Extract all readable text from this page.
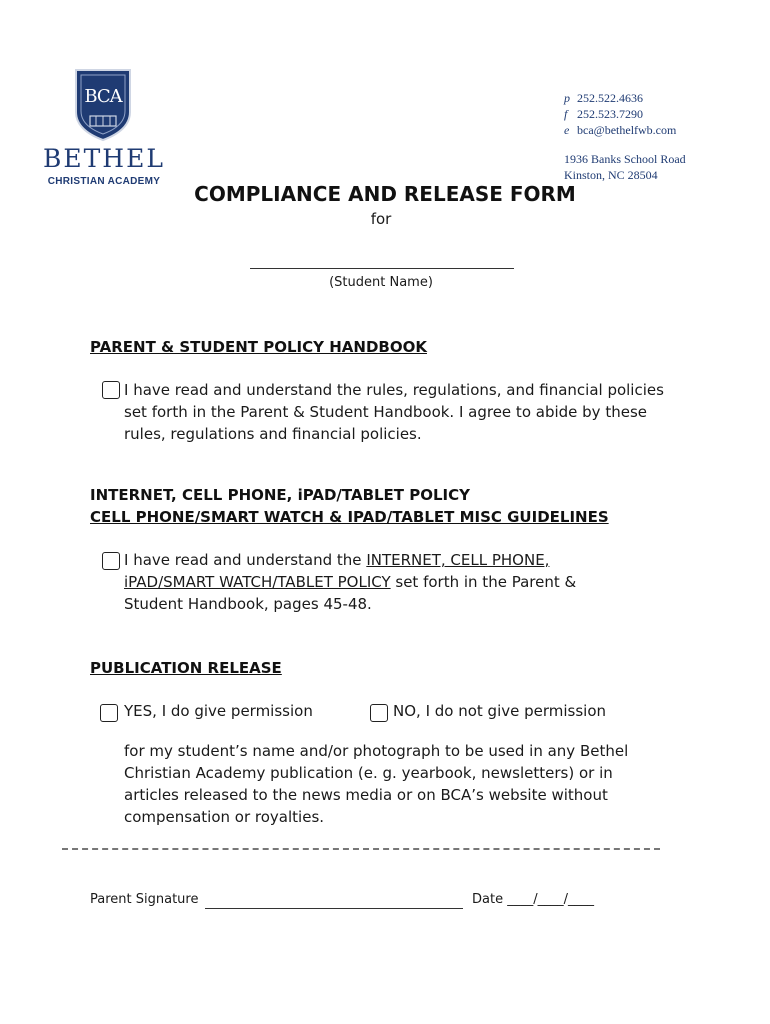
BCA
BETHEL
CHRISTIAN ACADEMY
p 252.522.4636
f 252.523.7290
e bca@bethelfwb.com
1936 Banks School Road
Kinston, NC 28504
COMPLIANCE AND RELEASE FORM
for
(Student Name)
PARENT & STUDENT POLICY HANDBOOK
I have read and understand the rules, regulations, and financial policies
set forth in the Parent & Student Handbook. I agree to abide by these
rules, regulations and financial policies.
INTERNET, CELL PHONE, iPAD/TABLET POLICY
CELL PHONE/SMART WATCH & IPAD/TABLET MISC GUIDELINES
I have read and understand the INTERNET, CELL PHONE,
iPAD/SMART WATCH/TABLET POLICY set forth in the Parent &
Student Handbook, pages 45-48.
PUBLICATION RELEASE
YES, I do give permission	NO, I do not give permission
for my student’s name and/or photograph to be used in any Bethel
Christian Academy publication (e. g. yearbook, newsletters) or in
articles released to the news media or on BCA’s website without
compensation or royalties.
Parent Signature	Date ____/____/____
